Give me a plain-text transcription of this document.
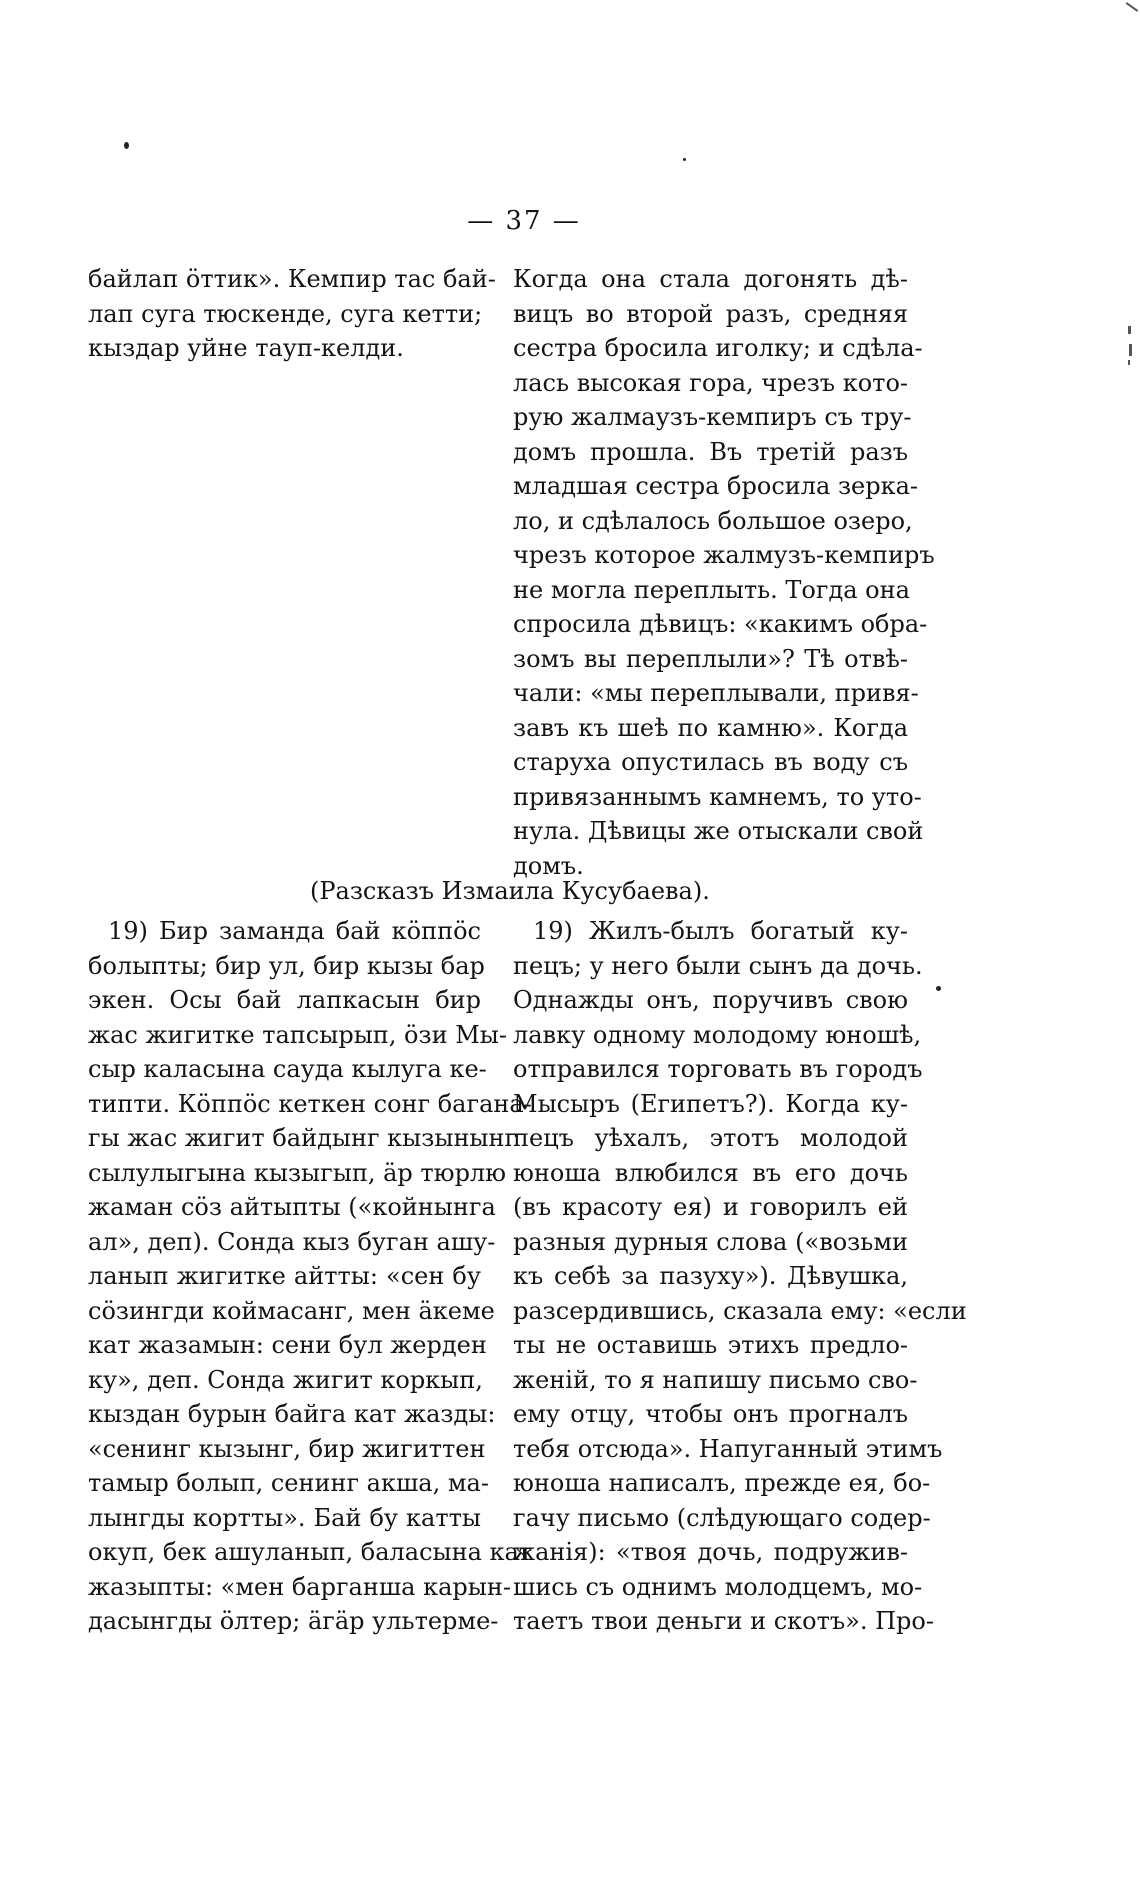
— 37 —
байлап öттик». Кемпир тас бай-
лап суга тюскенде, суга кетти;
кыздар уйне тауп-келди.
Когда она стала догонять дѣ-
вицъ во второй разъ, средняя
сестра бросила иголку; и сдѣла-
лась высокая гора, чрезъ кото-
рую жалмаузъ-кемпиръ съ тру-
домъ прошла. Въ третій разъ
младшая сестра бросила зерка-
ло, и сдѣлалось большое озеро,
чрезъ которое жалмузъ-кемпиръ
не могла переплыть. Тогда она
спросила дѣвицъ: «какимъ обра-
зомъ вы переплыли»? Тѣ отвѣ-
чали: «мы переплывали, привя-
завъ къ шеѣ по камню». Когда
старуха опустилась въ воду съ
привязаннымъ камнемъ, то уто-
нула. Дѣвицы же отыскали свой
домъ.
(Разсказъ Измаила Кусубаева).
19) Бир заманда бай кöппöс
болыпты; бир ул, бир кызы бар
экен. Осы бай лапкасын бир
жас жигитке тапсырып, öзи Мы-
сыр каласына сауда кылуга ке-
типти. Кöппöс кеткен сонг багана-
гы жас жигит байдынг кызынынг
сылулыгына кызыгып, äр тюрлю
жаман сöз айтыпты («койнынга
ал», деп). Сонда кыз буган ашу-
ланып жигитке айтты: «сен бу
сöзингди коймасанг, мен äкеме
кат жазамын: сени бул жерден
ку», деп. Сонда жигит коркып,
кыздан бурын байга кат жазды:
«сенинг кызынг, бир жигиттен
тамыр болып, сенинг акша, ма-
лынгды кортты». Бай бу катты
окуп, бек ашуланып, баласына кат
жазыпты: «мен барганша карын-
дасынгды öлтер; äгäр ультерме-
19) Жилъ-былъ богатый ку-
пецъ; у него были сынъ да дочь.
Однажды онъ, поручивъ свою
лавку одному молодому юношѣ,
отправился торговать въ городъ
Мысыръ (Египетъ?). Когда ку-
пецъ уѣхалъ, этотъ молодой
юноша влюбился въ его дочь
(въ красоту ея) и говорилъ ей
разныя дурныя слова («возьми
къ себѣ за пазуху»). Дѣвушка,
разсердившись, сказала ему: «если
ты не оставишь этихъ предло-
женій, то я напишу письмо сво-
ему отцу, чтобы онъ прогналъ
тебя отсюда». Напуганный этимъ
юноша написалъ, прежде ея, бо-
гачу письмо (слѣдующаго содер-
жанія): «твоя дочь, подружив-
шись съ однимъ молодцемъ, мо-
таетъ твои деньги и скотъ». Про-
